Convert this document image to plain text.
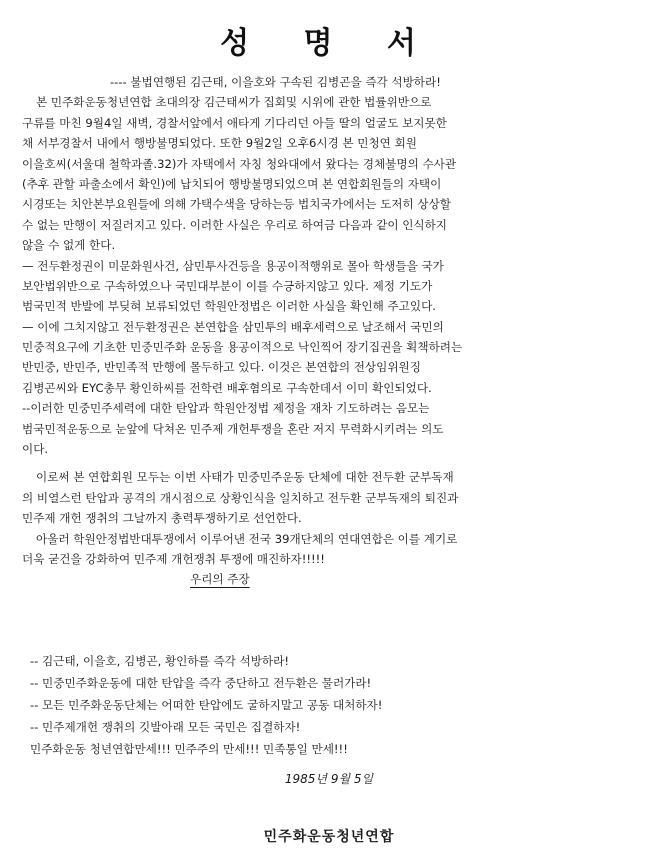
성 명 서
---- 불법연행된 김근태, 이을호와 구속된 김병곤을 즉각 석방하라!
본 민주화운동청년연합 초대의장 김근태씨가 집회및 시위에 관한 법률위반으로
구류를 마친 9월4일 새벽, 경찰서앞에서 애타게 기다리던 아들 딸의 얼굴도 보지못한
채 서부경찰서 내에서 행방불명되었다. 또한 9월2일 오후6시경 본 민청연 회원
이을호씨(서울대 철학과졸.32)가 자택에서 자칭 청와대에서 왔다는 경체불명의 수사관
(추후 관할 파출소에서 확인)에 납치되어 행방불명되었으며 본 연합회원들의 자택이
시경또는 치안본부요원들에 의해 가택수색을 당하는등 법치국가에서는 도저히 상상할
수 없는 만행이 저질러지고 있다. 이러한 사실은 우리로 하여금 다음과 같이 인식하지
않을 수 없게 한다.
— 전두환정권이 미문화원사건, 삼민투사건등을 용공이적행위로 몰아 학생들을 국가
보안법위반으로 구속하였으나 국민대부분이 이를 수긍하지않고 있다. 제정 기도가
범국민적 반발에 부딪혀 보류되었던 학원안정법은 이러한 사실을 확인해 주고있다.
— 이에 그치지않고 전두환정권은 본연합을 삼민투의 배후세력으로 날조해서 국민의
민중적요구에 기초한 민중민주화 운동을 용공이적으로 낙인찍어 장기집권을 획책하려는
반민중, 반민주, 반민족적 만행에 몰두하고 있다. 이것은 본연합의 전상임위원징
김병곤씨와 EYC총무 황인하씨를 전학련 배후혐의로 구속한데서 이미 확인되었다.
--이러한 민중민주세력에 대한 탄압과 학원안정법 제정을 재차 기도하려는 음모는
범국민적운동으로 눈앞에 닥쳐온 민주제 개헌투쟁을 혼란 저지 무력화시키려는 의도
이다.
이로써 본 연합회원 모두는 이번 사태가 민중민주운동 단체에 대한 전두환 군부독재
의 비열스런 탄압과 공격의 개시점으로 상황인식을 일치하고 전두환 군부독재의 퇴진과
민주제 개헌 쟁취의 그날까지 총력투쟁하기로 선언한다.
아울러 학원안정법반대투쟁에서 이루어낸 전국 39개단체의 연대연합은 이를 계기로
더욱 굳건을 강화하여 민주제 개헌쟁취 투쟁에 매진하자!!!!!
우리의 주장
-- 김근태, 이을호, 김병곤, 황인하를 즉각 석방하라!
-- 민중민주화운동에 대한 탄압을 즉각 중단하고 전두환은 물러가라!
-- 모든 민주화운동단체는 어떠한 탄압에도 굴하지말고 공동 대처하자!
-- 민주제개헌 쟁취의 깃발아래 모든 국민은 집결하자!
민주화운동 청년연합만세!!! 민주주의 만세!!! 민족통일 만세!!!
1985년 9월 5일
민주화운동청년연합
